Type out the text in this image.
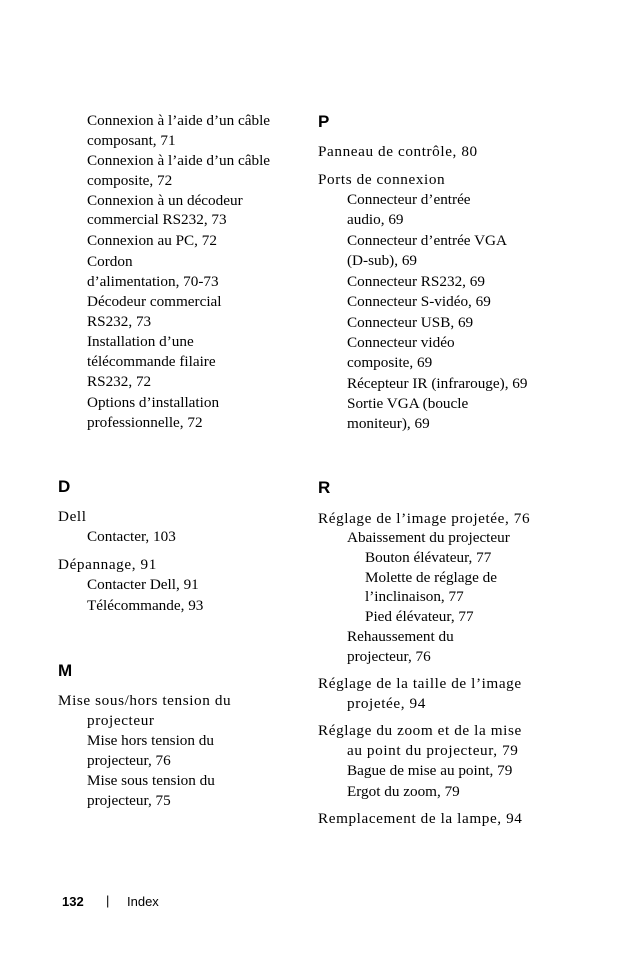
Connexion à l’aide d’un câble
composant, 71
Connexion à l’aide d’un câble
composite, 72
Connexion à un décodeur
commercial RS232, 73
Connexion au PC, 72
Cordon
d’alimentation, 70-73
Décodeur commercial
RS232, 73
Installation d’une
télécommande filaire
RS232, 72
Options d’installation
professionnelle, 72
D
Dell
Contacter, 103
Dépannage, 91
Contacter Dell, 91
Télécommande, 93
M
Mise sous/hors tension du
projecteur
Mise hors tension du
projecteur, 76
Mise sous tension du
projecteur, 75
P
Panneau de contrôle, 80
Ports de connexion
Connecteur d’entrée
audio, 69
Connecteur d’entrée VGA
(D-sub), 69
Connecteur RS232, 69
Connecteur S-vidéo, 69
Connecteur USB, 69
Connecteur vidéo
composite, 69
Récepteur IR (infrarouge), 69
Sortie VGA (boucle
moniteur), 69
R
Réglage de l’image projetée, 76
Abaissement du projecteur
Bouton élévateur, 77
Molette de réglage de
l’inclinaison, 77
Pied élévateur, 77
Rehaussement du
projecteur, 76
Réglage de la taille de l’image
projetée, 94
Réglage du zoom et de la mise
au point du projecteur, 79
Bague de mise au point, 79
Ergot du zoom, 79
Remplacement de la lampe, 94
132 | Index
